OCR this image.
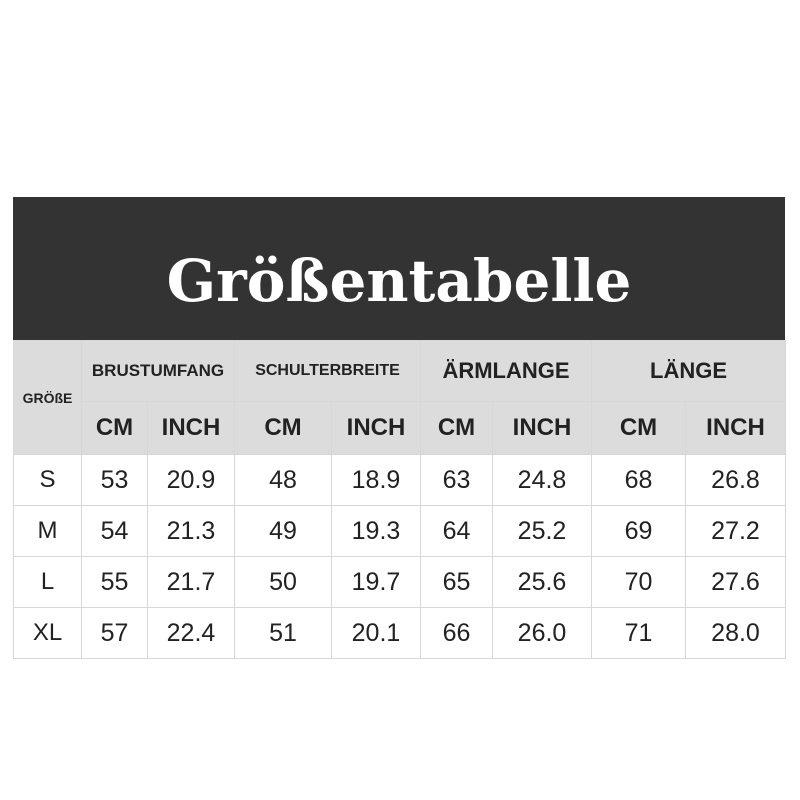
Größentabelle
GRÖßE	BRUSTUMFANG		SCHULTERBREITE		ÄRMLANGE		LÄNGE	
	CM	INCH	CM	INCH	CM	INCH	CM	INCH
S	53	20.9	48	18.9	63	24.8	68	26.8
M	54	21.3	49	19.3	64	25.2	69	27.2
L	55	21.7	50	19.7	65	25.6	70	27.6
XL	57	22.4	51	20.1	66	26.0	71	28.0
